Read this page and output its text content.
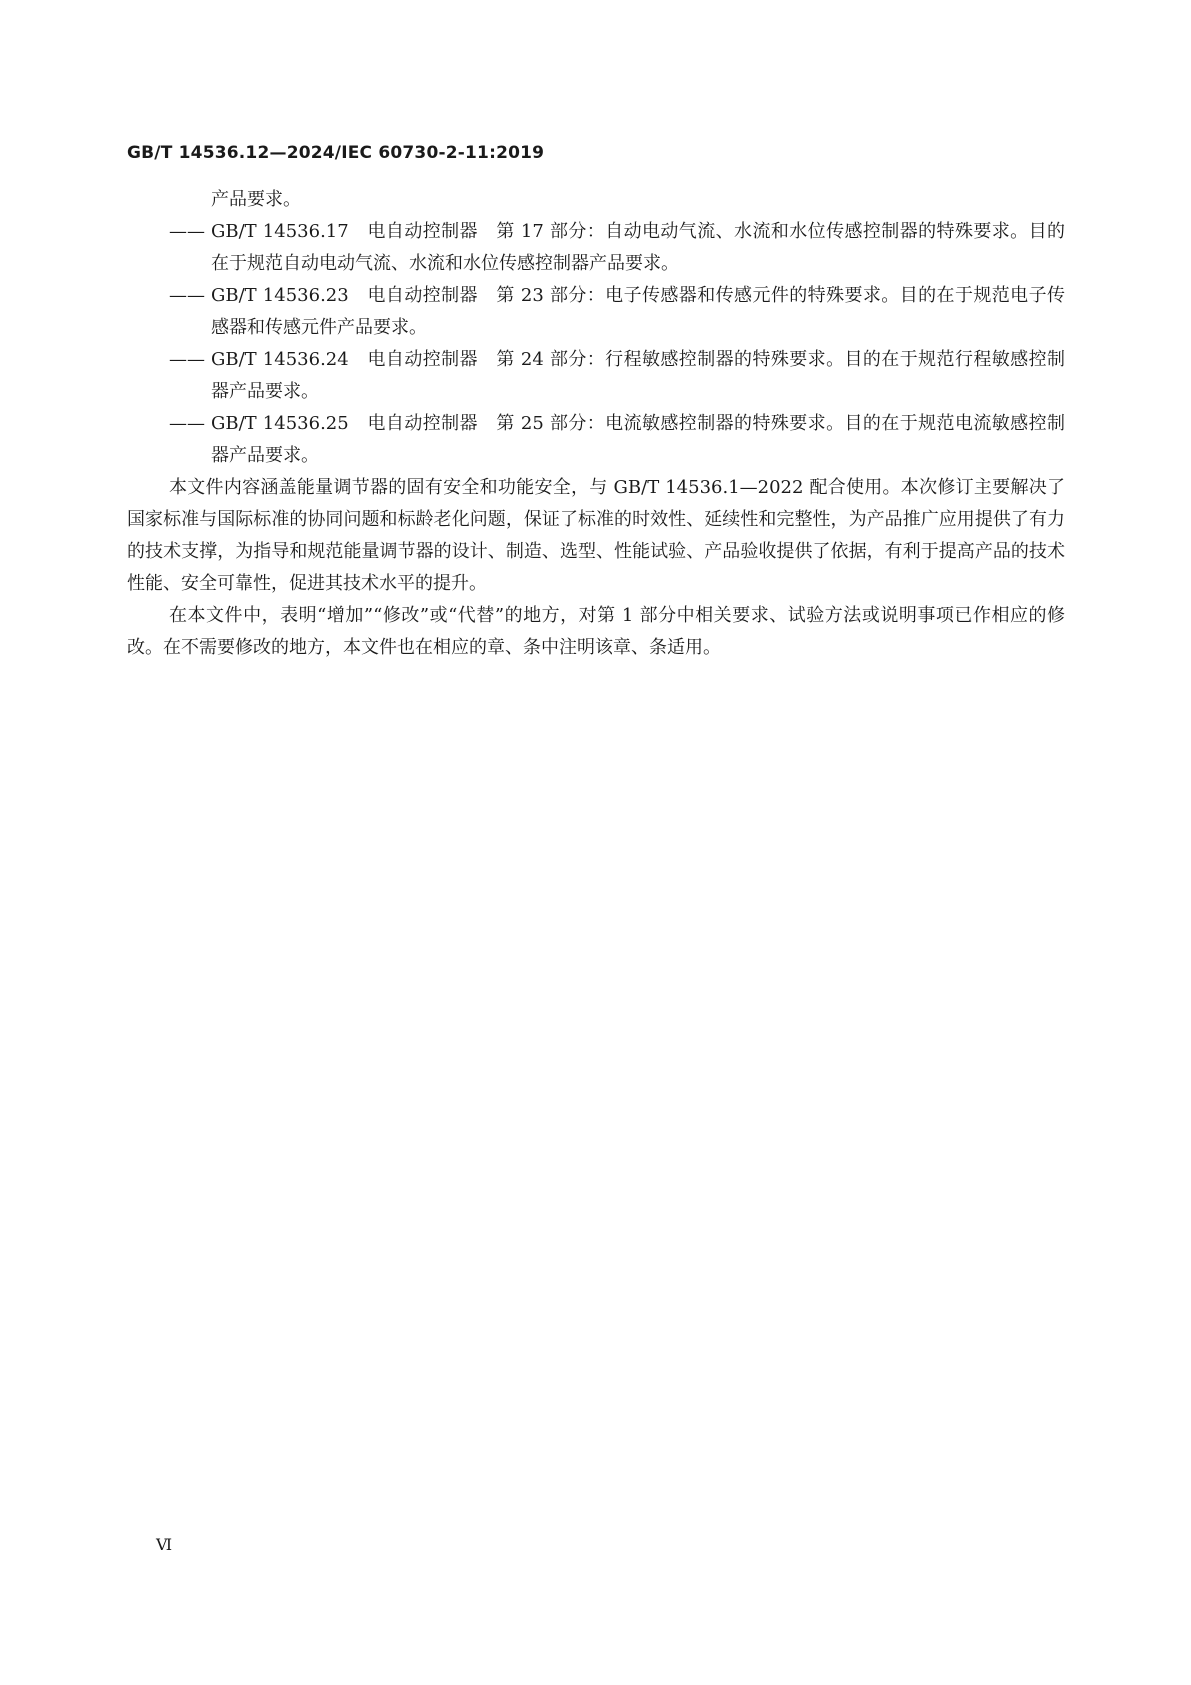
GB/T 14536.12—2024/IEC 60730-2-11:2019
产品要求。
—— GB/T 14536.17　电自动控制器　第 17 部分：自动电动气流、水流和水位传感控制器的特殊要求。目的在于规范自动电动气流、水流和水位传感控制器产品要求。
—— GB/T 14536.23　电自动控制器　第 23 部分：电子传感器和传感元件的特殊要求。目的在于规范电子传感器和传感元件产品要求。
—— GB/T 14536.24　电自动控制器　第 24 部分：行程敏感控制器的特殊要求。目的在于规范行程敏感控制器产品要求。
—— GB/T 14536.25　电自动控制器　第 25 部分：电流敏感控制器的特殊要求。目的在于规范电流敏感控制器产品要求。

本文件内容涵盖能量调节器的固有安全和功能安全，与 GB/T 14536.1—2022 配合使用。本次修订主要解决了国家标准与国际标准的协同问题和标龄老化问题，保证了标准的时效性、延续性和完整性，为产品推广应用提供了有力的技术支撑，为指导和规范能量调节器的设计、制造、选型、性能试验、产品验收提供了依据，有利于提高产品的技术性能、安全可靠性，促进其技术水平的提升。

在本文件中，表明“增加”“修改”或“代替”的地方，对第 1 部分中相关要求、试验方法或说明事项已作相应的修改。在不需要修改的地方，本文件也在相应的章、条中注明该章、条适用。

Ⅵ
